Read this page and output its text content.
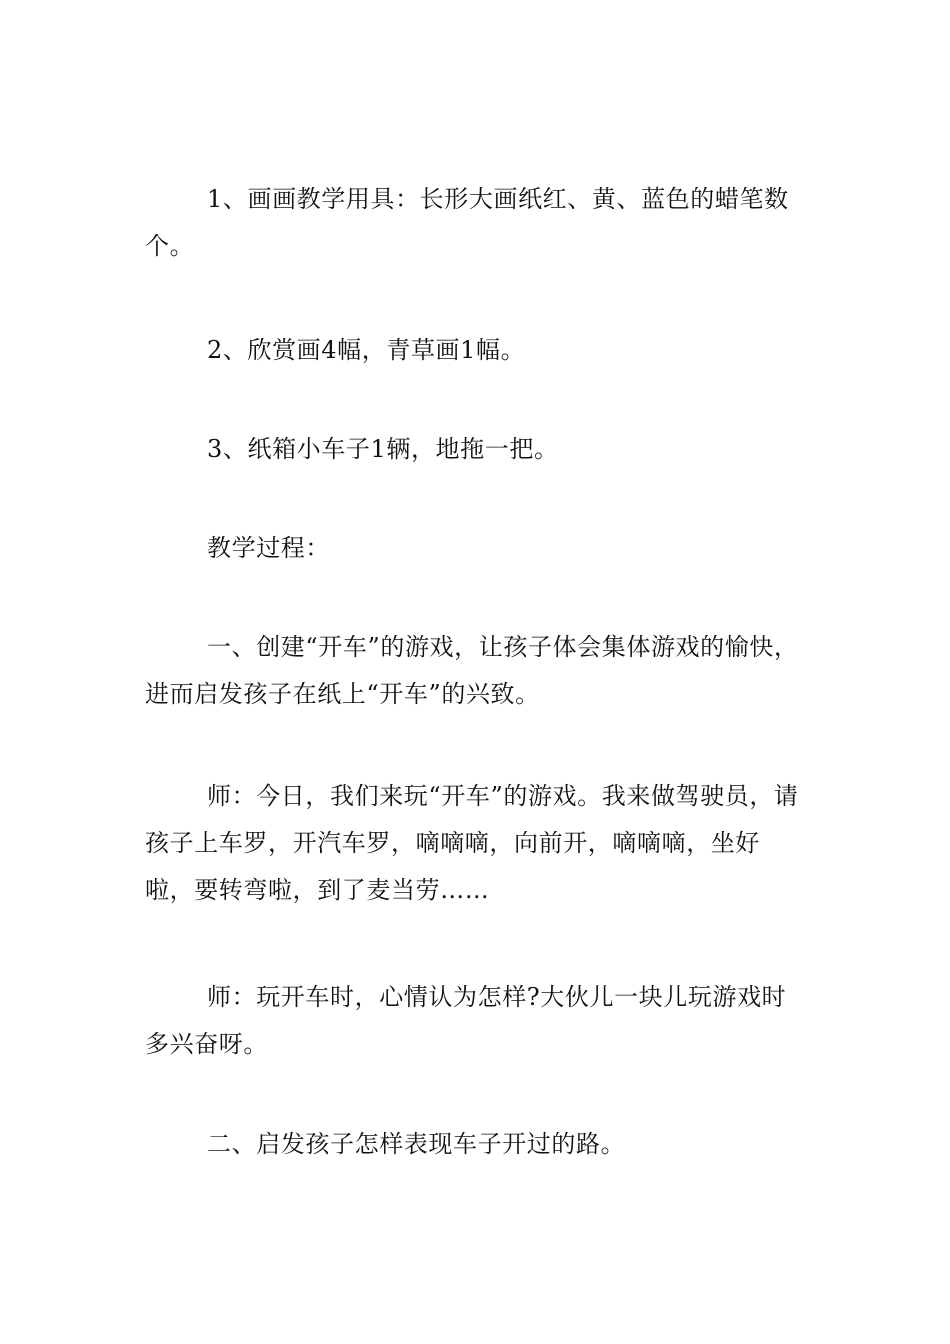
1、画画教学用具：长形大画纸红、黄、蓝色的蜡笔数个。

2、欣赏画4幅，青草画1幅。

3、纸箱小车子1辆，地拖一把。

教学过程：

一、创建“开车”的游戏，让孩子体会集体游戏的愉快，进而启发孩子在纸上“开车”的兴致。

师：今日，我们来玩“开车”的游戏。我来做驾驶员，请孩子上车罗，开汽车罗，嘀嘀嘀，向前开，嘀嘀嘀，坐好啦，要转弯啦，到了麦当劳……

师：玩开车时，心情认为怎样?大伙儿一块儿玩游戏时多兴奋呀。

二、启发孩子怎样表现车子开过的路。
